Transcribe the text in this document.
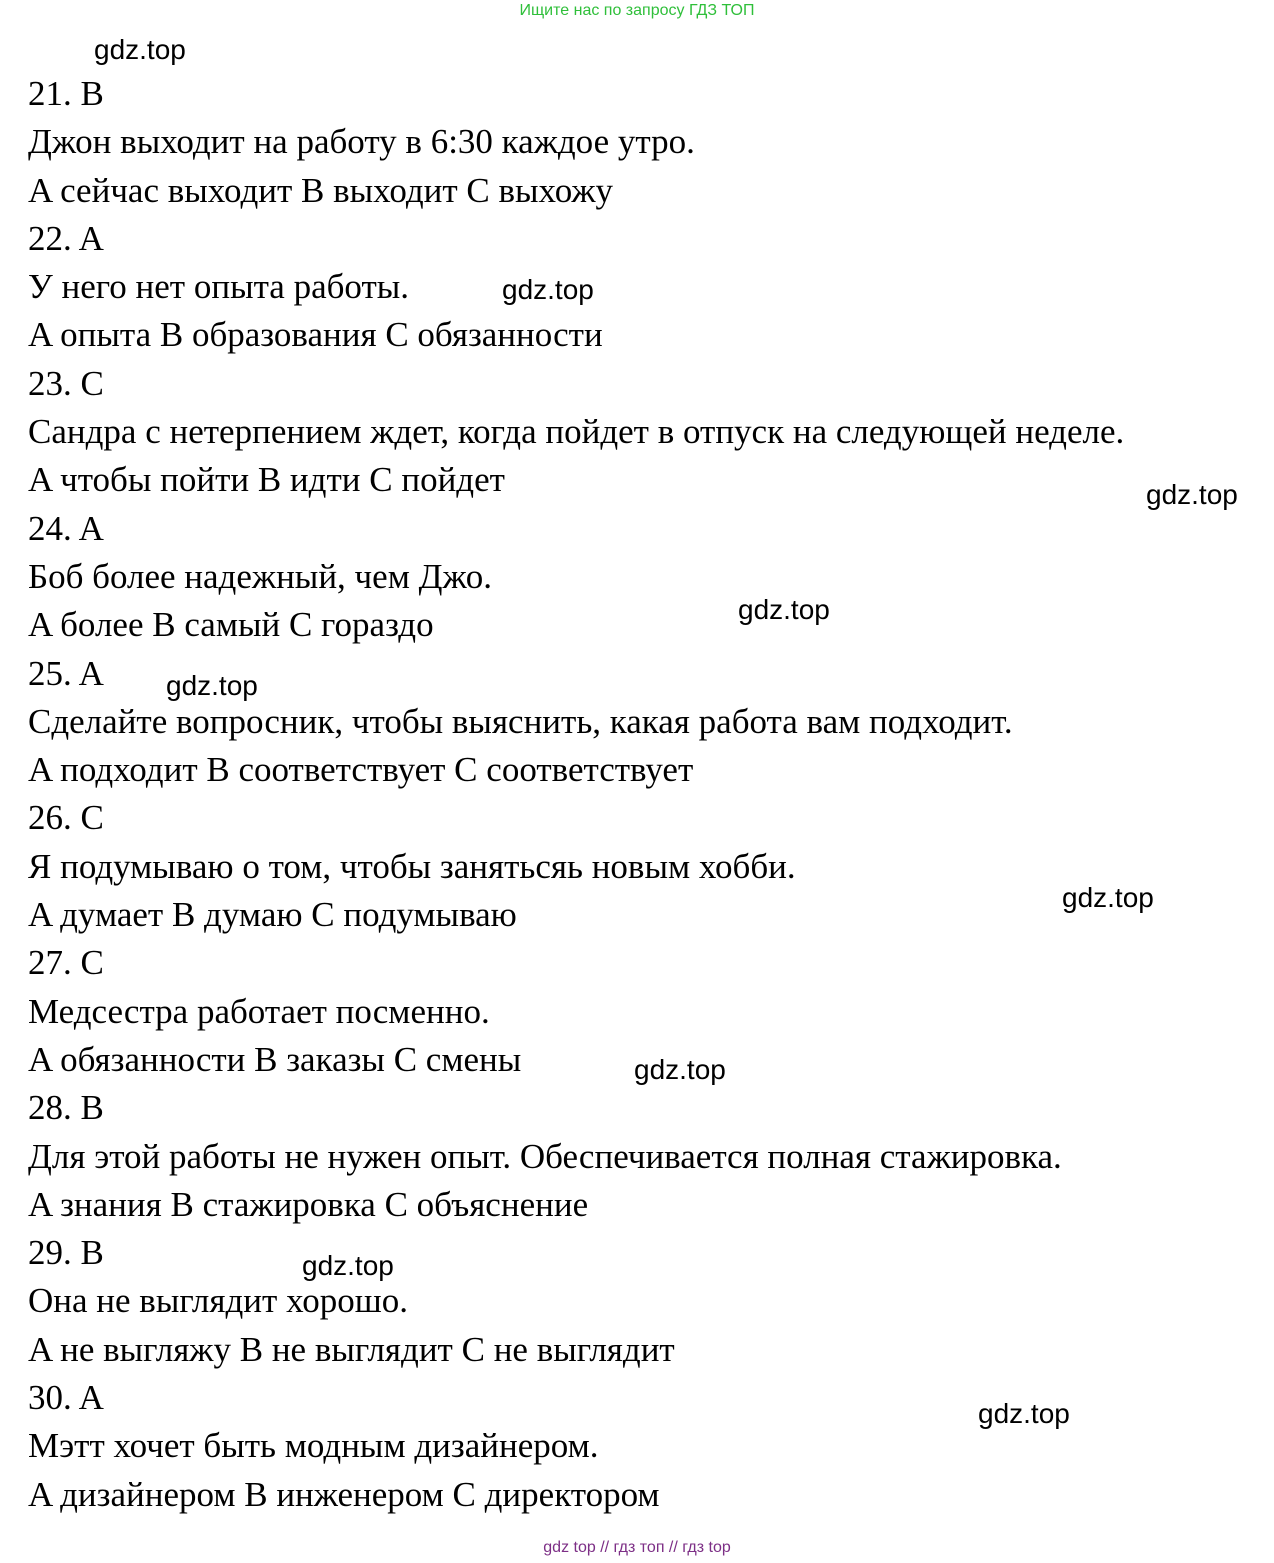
Ищите нас по запросу ГДЗ ТОП
21. B
Джон выходит на работу в 6:30 каждое утро.
A сейчас выходит B выходит C выхожу
22. A
У него нет опыта работы.
A опыта B образования C обязанности
23. C
Сандра с нетерпением ждет, когда пойдет в отпуск на следующей неделе.
A чтобы пойти B идти C пойдет
24. A
Боб более надежный, чем Джо.
A более B самый C гораздо
25. A
Сделайте вопросник, чтобы выяснить, какая работа вам подходит.
A подходит B соответствует C соответствует
26. C
Я подумываю о том, чтобы занятьсяь новым хобби.
A думает B думаю C подумываю
27. C
Медсестра работает посменно.
A обязанности B заказы C смены
28. B
Для этой работы не нужен опыт. Обеспечивается полная стажировка.
A знания B стажировка C объяснение
29. B
Она не выглядит хорошо.
A не выгляжу B не выглядит C не выглядит
30. A
Мэтт хочет быть модным дизайнером.
A дизайнером B инженером C директором
gdz.top
gdz.top
gdz.top
gdz.top
gdz.top
gdz.top
gdz.top
gdz.top
gdz.top
gdz top // гдз топ // гдз top
